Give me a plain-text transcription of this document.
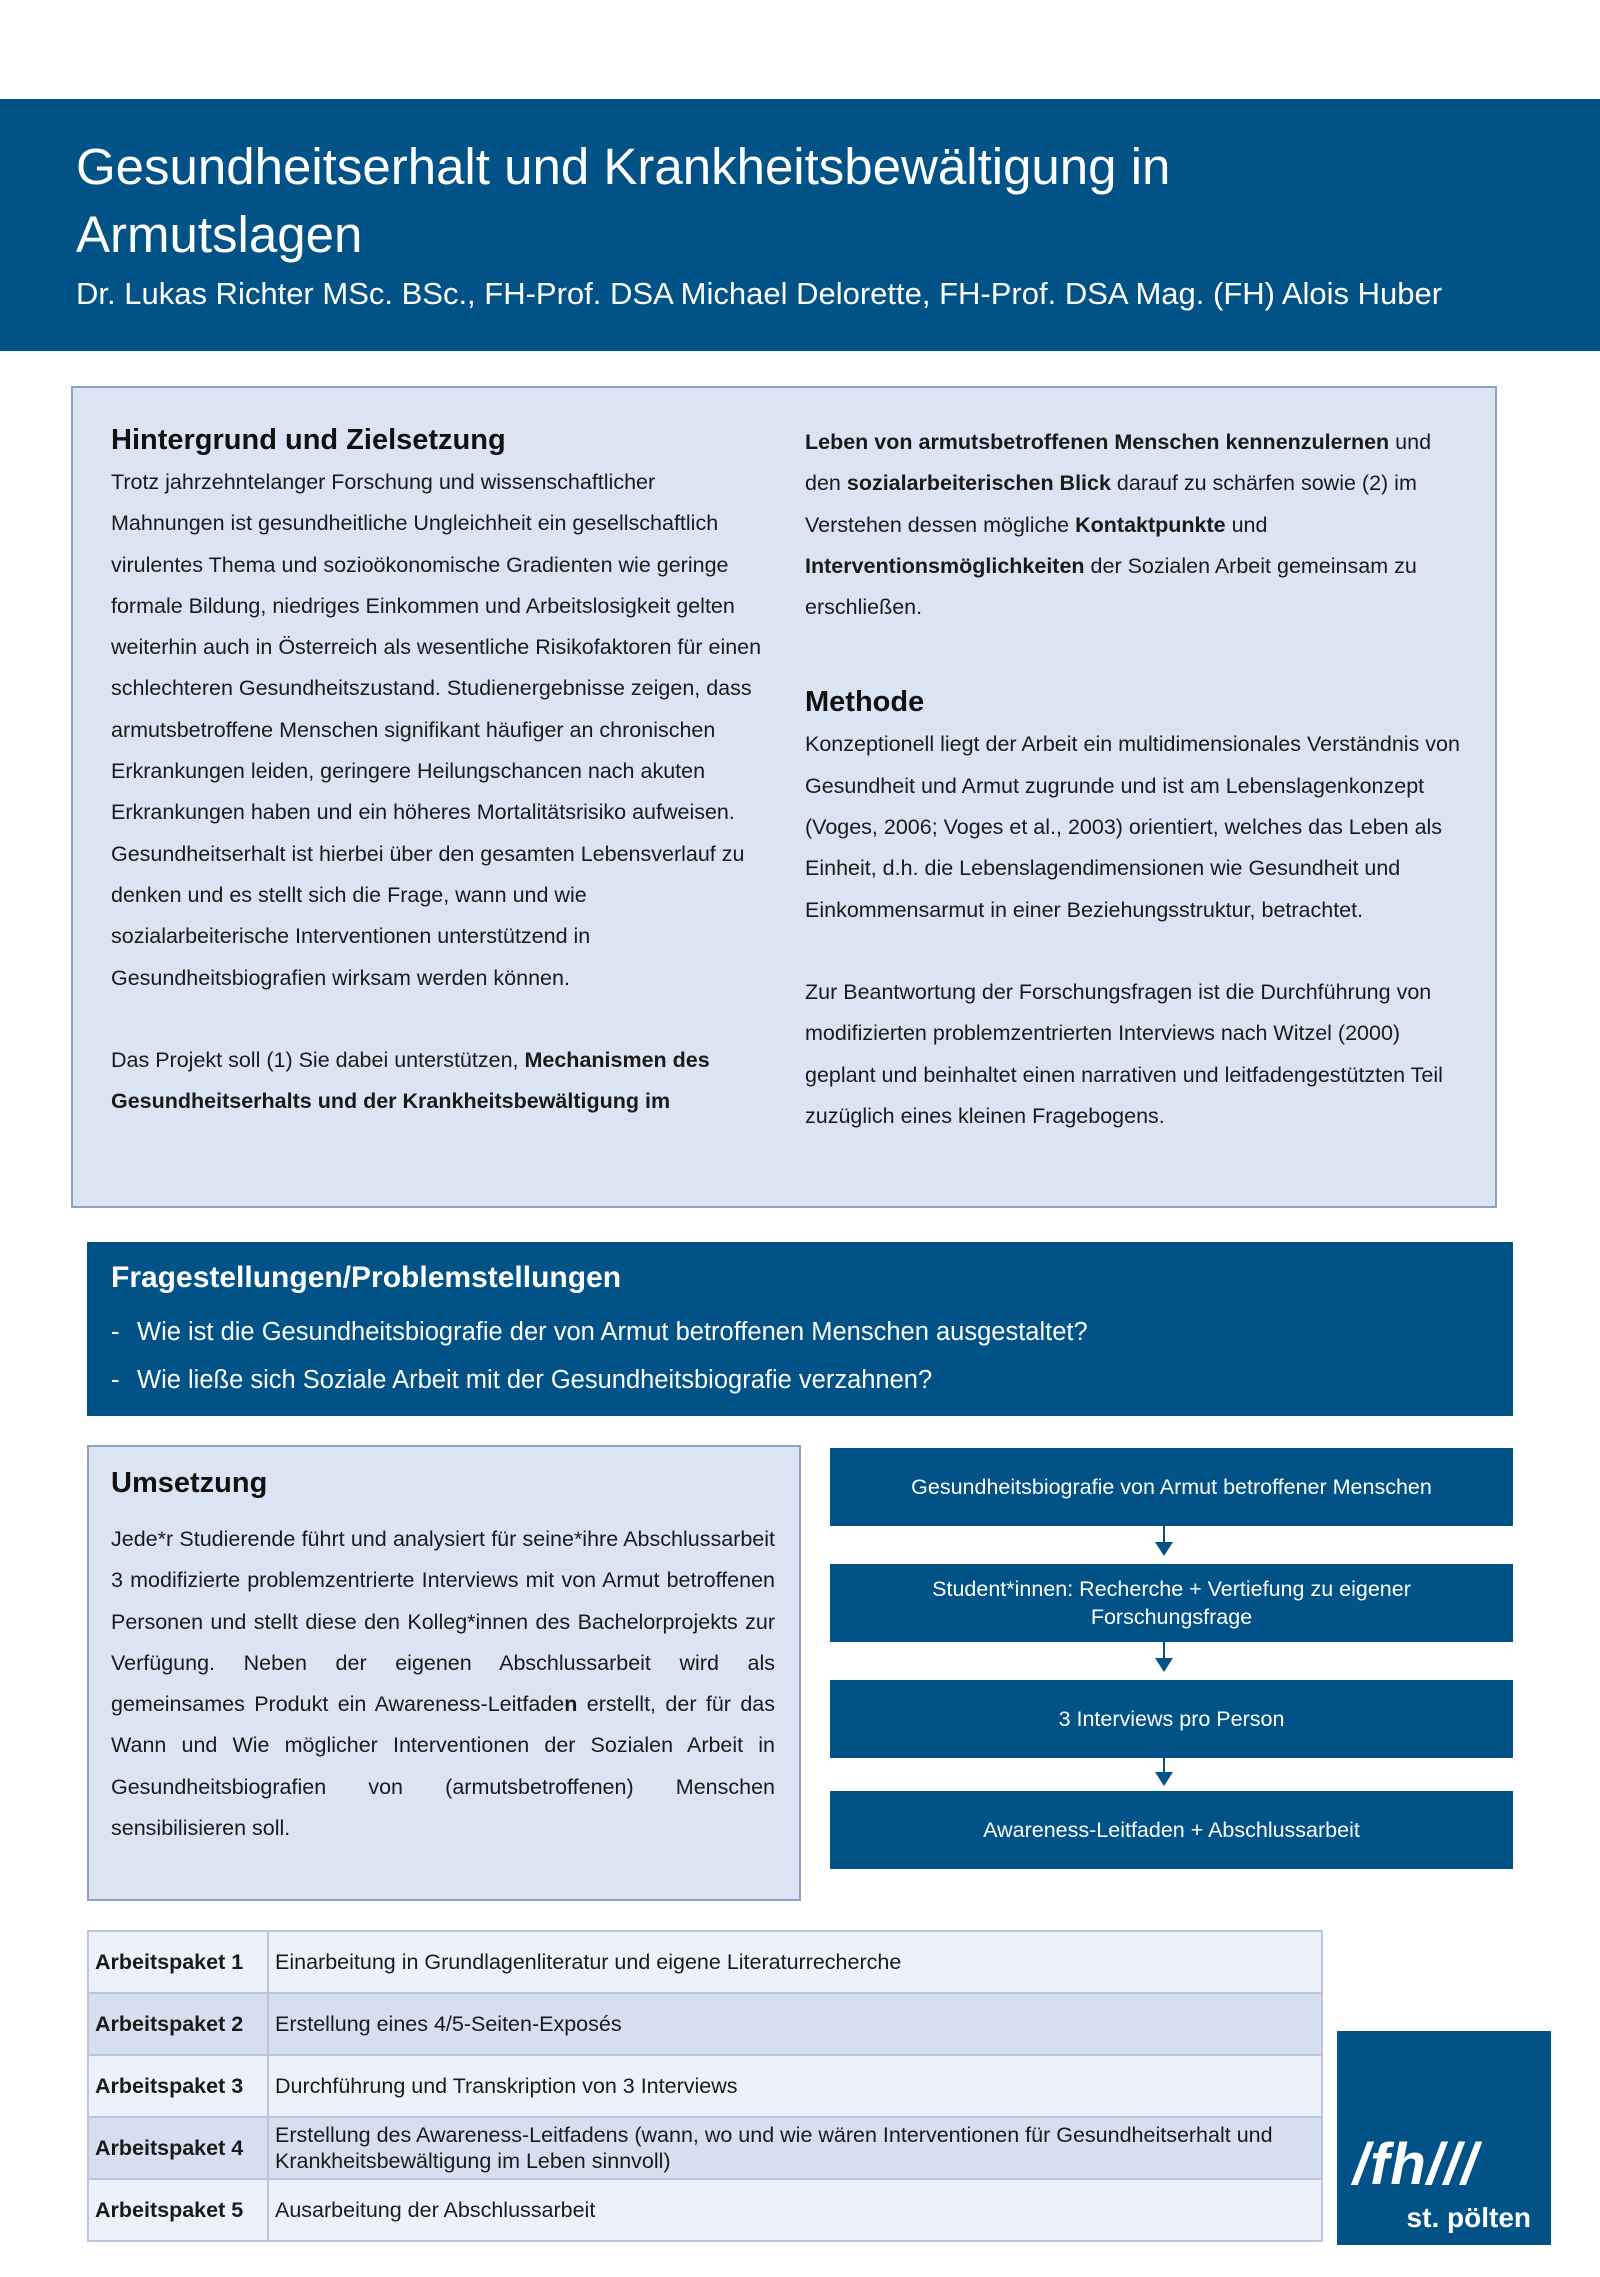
Gesundheitserhalt und Krankheitsbewältigung in Armutslagen
Dr. Lukas Richter MSc. BSc., FH-Prof. DSA Michael Delorette, FH-Prof. DSA Mag. (FH) Alois Huber
Hintergrund und Zielsetzung

Trotz jahrzehntelanger Forschung und wissenschaftlicher Mahnungen ist gesundheitliche Ungleichheit ein gesellschaftlich virulentes Thema und sozioökonomische Gradienten wie geringe formale Bildung, niedriges Einkommen und Arbeitslosigkeit gelten weiterhin auch in Österreich als wesentliche Risikofaktoren für einen schlechteren Gesundheitszustand. Studienergebnisse zeigen, dass armutsbetroffene Menschen signifikant häufiger an chronischen Erkrankungen leiden, geringere Heilungschancen nach akuten Erkrankungen haben und ein höheres Mortalitätsrisiko aufweisen. Gesundheitserhalt ist hierbei über den gesamten Lebensverlauf zu denken und es stellt sich die Frage, wann und wie sozialarbeiterische Interventionen unterstützend in Gesundheitsbiografien wirksam werden können.

Das Projekt soll (1) Sie dabei unterstützen, Mechanismen des Gesundheitserhalts und der Krankheitsbewältigung im

Leben von armutsbetroffenen Menschen kennenzulernen und den sozialarbeiterischen Blick darauf zu schärfen sowie (2) im Verstehen dessen mögliche Kontaktpunkte und Interventionsmöglichkeiten der Sozialen Arbeit gemeinsam zu erschließen.

Methode

Konzeptionell liegt der Arbeit ein multidimensionales Verständnis von Gesundheit und Armut zugrunde und ist am Lebenslagenkonzept (Voges, 2006; Voges et al., 2003) orientiert, welches das Leben als Einheit, d.h. die Lebenslagendimensionen wie Gesundheit und Einkommensarmut in einer Beziehungsstruktur, betrachtet.

Zur Beantwortung der Forschungsfragen ist die Durchführung von modifizierten problemzentrierten Interviews nach Witzel (2000) geplant und beinhaltet einen narrativen und leitfadengestützten Teil zuzüglich eines kleinen Fragebogens.

Fragestellungen/Problemstellungen
- Wie ist die Gesundheitsbiografie der von Armut betroffenen Menschen ausgestaltet?
- Wie ließe sich Soziale Arbeit mit der Gesundheitsbiografie verzahnen?
Umsetzung

Jede*r Studierende führt und analysiert für seine*ihre Abschlussarbeit 3 modifizierte problemzentrierte Interviews mit von Armut betroffenen Personen und stellt diese den Kolleg*innen des Bachelorprojekts zur Verfügung. Neben der eigenen Abschlussarbeit wird als gemeinsames Produkt ein Awareness-Leitfaden erstellt, der für das Wann und Wie möglicher Interventionen der Sozialen Arbeit in Gesundheitsbiografien von (armutsbetroffenen) Menschen sensibilisieren soll.

Gesundheitsbiografie von Armut betroffener Menschen
Student*innen: Recherche + Vertiefung zu eigener Forschungsfrage
3 Interviews pro Person
Awareness-Leitfaden + Abschlussarbeit
Arbeitspaket 1	Einarbeitung in Grundlagenliteratur und eigene Literaturrecherche
Arbeitspaket 2	Erstellung eines 4/5-Seiten-Exposés
Arbeitspaket 3	Durchführung und Transkription von 3 Interviews
Arbeitspaket 4	Erstellung des Awareness-Leitfadens (wann, wo und wie wären Interventionen für Gesundheitserhalt und Krankheitsbewältigung im Leben sinnvoll)
Arbeitspaket 5	Ausarbeitung der Abschlussarbeit
/fh///
st. pölten
